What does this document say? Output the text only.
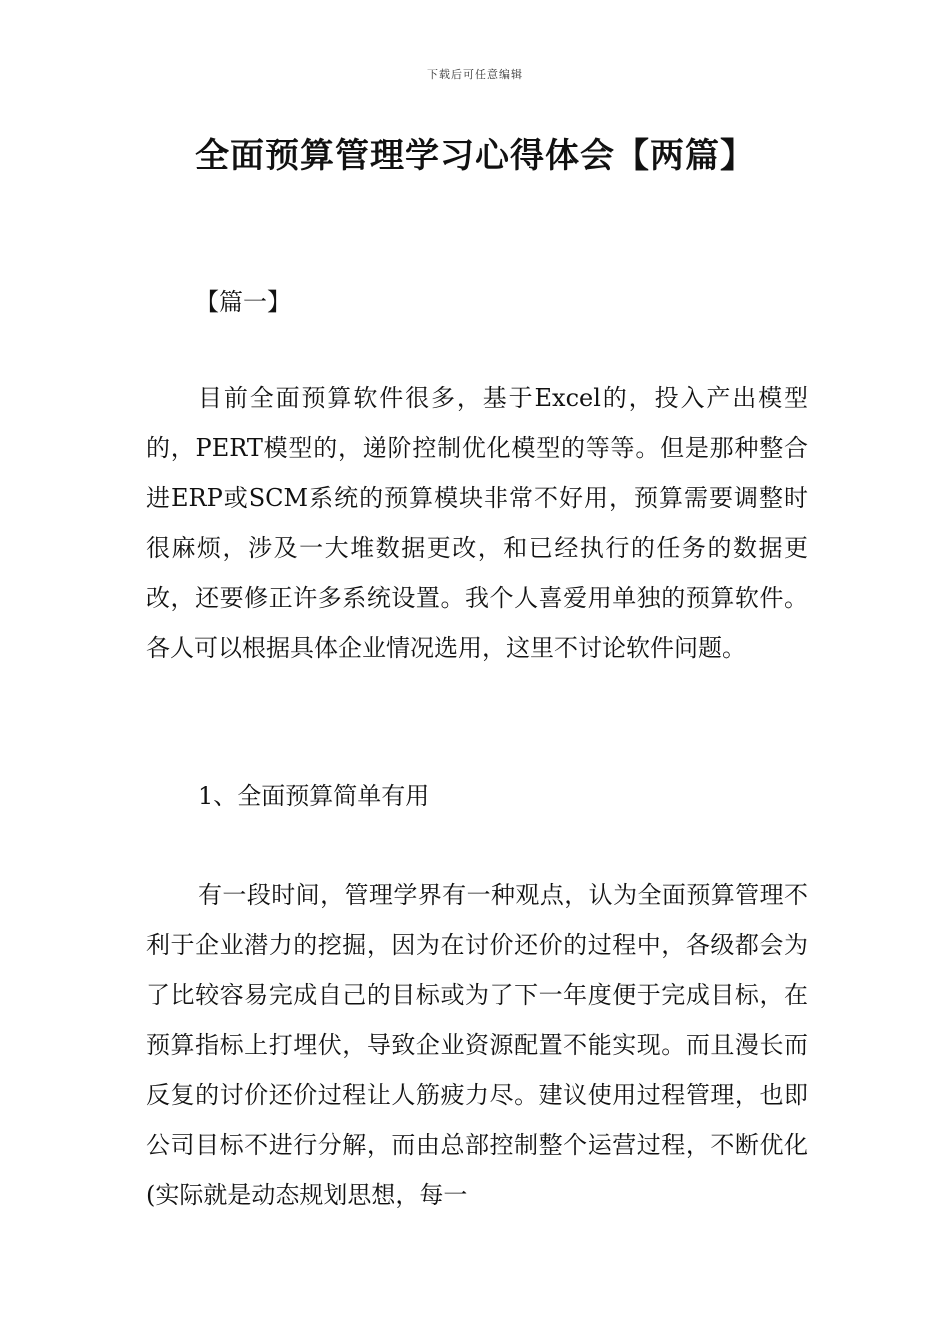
下载后可任意编辑
全面预算管理学习心得体会【两篇】

【篇一】

目前全面预算软件很多，基于Excel的，投入产出模型的，PERT模型的，递阶控制优化模型的等等。但是那种整合进ERP或SCM系统的预算模块非常不好用，预算需要调整时很麻烦，涉及一大堆数据更改，和已经执行的任务的数据更改，还要修正许多系统设置。我个人喜爱用单独的预算软件。各人可以根据具体企业情况选用，这里不讨论软件问题。

1、全面预算简单有用

有一段时间，管理学界有一种观点，认为全面预算管理不利于企业潜力的挖掘，因为在讨价还价的过程中，各级都会为了比较容易完成自己的目标或为了下一年度便于完成目标，在预算指标上打埋伏，导致企业资源配置不能实现。而且漫长而反复的讨价还价过程让人筋疲力尽。建议使用过程管理，也即公司目标不进行分解，而由总部控制整个运营过程，不断优化(实际就是动态规划思想，每一
